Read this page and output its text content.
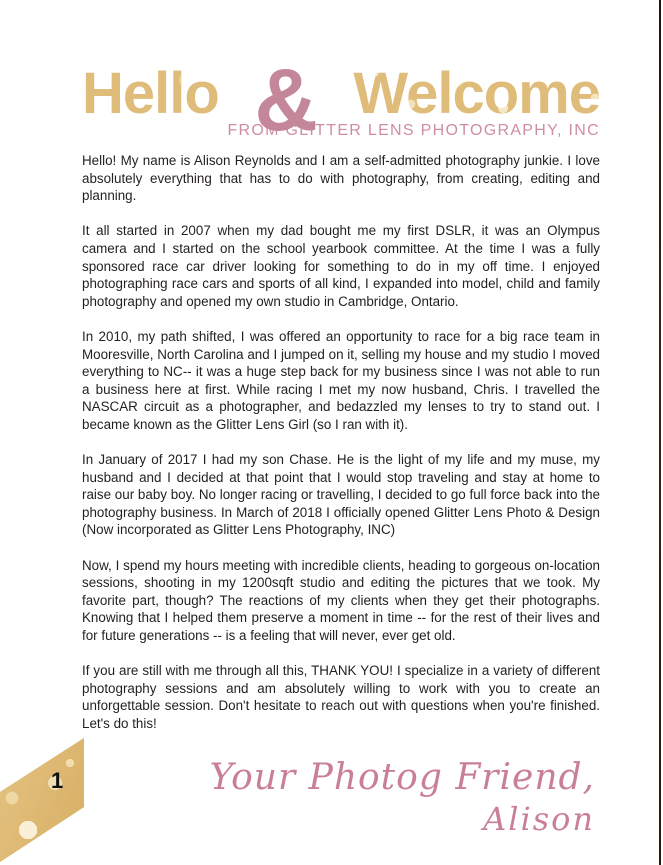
Hello & Welcome
FROM GLITTER LENS PHOTOGRAPHY, INC

Hello! My name is Alison Reynolds and I am a self-admitted photography junkie. I love absolutely everything that has to do with photography, from creating, editing and planning.

It all started in 2007 when my dad bought me my first DSLR, it was an Olympus camera and I started on the school yearbook committee. At the time I was a fully sponsored race car driver looking for something to do in my off time. I enjoyed photographing race cars and sports of all kind, I expanded into model, child and family photography and opened my own studio in Cambridge, Ontario.

In 2010, my path shifted, I was offered an opportunity to race for a big race team in Mooresville, North Carolina and I jumped on it, selling my house and my studio I moved everything to NC-- it was a huge step back for my business since I was not able to run a business here at first. While racing I met my now husband, Chris. I travelled the NASCAR circuit as a photographer, and bedazzled my lenses to try to stand out. I became known as the Glitter Lens Girl (so I ran with it).

In January of 2017 I had my son Chase. He is the light of my life and my muse, my husband and I decided at that point that I would stop traveling and stay at home to raise our baby boy. No longer racing or travelling, I decided to go full force back into the photography business. In March of 2018 I officially opened Glitter Lens Photo & Design (Now incorporated as Glitter Lens Photography, INC)

Now, I spend my hours meeting with incredible clients, heading to gorgeous on-location sessions, shooting in my 1200sqft studio and editing the pictures that we took. My favorite part, though? The reactions of my clients when they get their photographs. Knowing that I helped them preserve a moment in time -- for the rest of their lives and for future generations -- is a feeling that will never, ever get old.

If you are still with me through all this, THANK YOU! I specialize in a variety of different photography sessions and am absolutely willing to work with you to create an unforgettable session. Don't hesitate to reach out with questions when you're finished. Let's do this!

1	Your Photog Friend,
Alison
